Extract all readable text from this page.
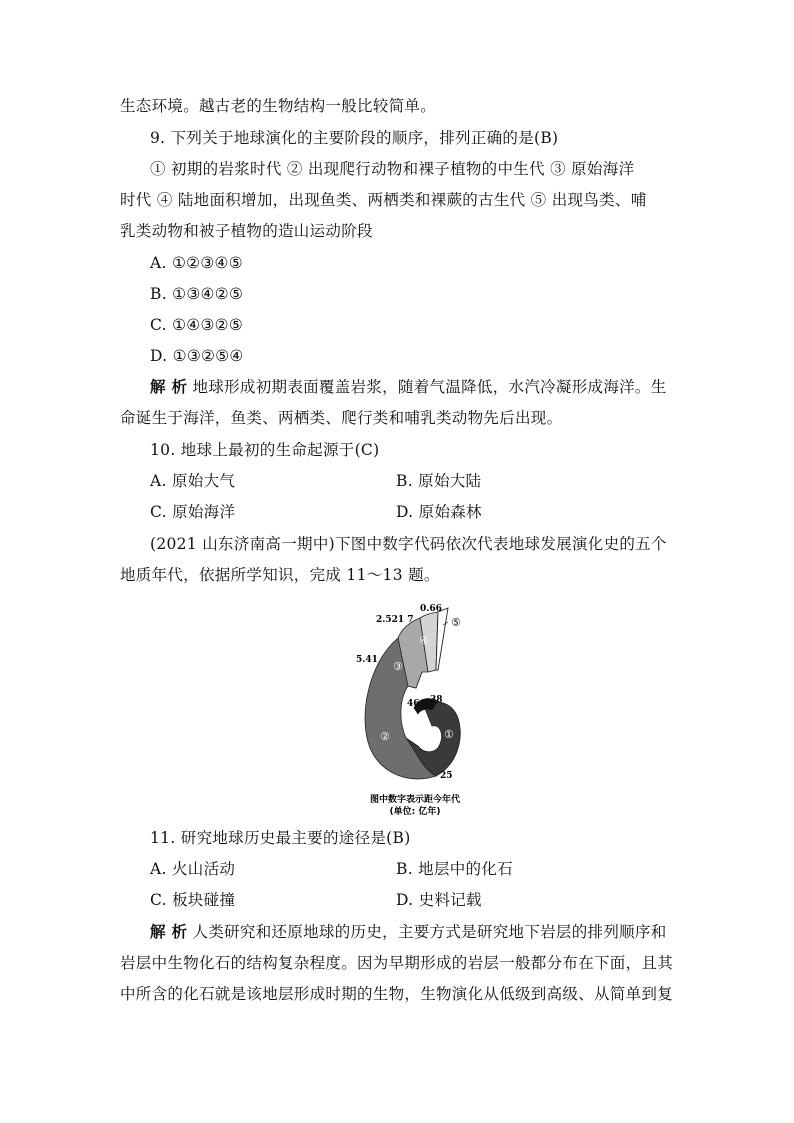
生态环境。越古老的生物结构一般比较简单。
9. 下列关于地球演化的主要阶段的顺序，排列正确的是(B)
① 初期的岩浆时代 ② 出现爬行动物和裸子植物的中生代 ③ 原始海洋
时代 ④ 陆地面积增加，出现鱼类、两栖类和裸蕨的古生代 ⑤ 出现鸟类、哺
乳类动物和被子植物的造山运动阶段
A. ①②③④⑤
B. ①③④②⑤
C. ①④③②⑤
D. ①③②⑤④
解 析 地球形成初期表面覆盖岩浆，随着气温降低，水汽冷凝形成海洋。生
命诞生于海洋，鱼类、两栖类、爬行类和哺乳类动物先后出现。
10. 地球上最初的生命起源于(C)
A. 原始大气	B. 原始大陆
C. 原始海洋	D. 原始森林
(2021 山东济南高一期中)下图中数字代码依次代表地球发展演化史的五个
地质年代，依据所学知识，完成 11～13 题。
①
②
③
④
⑤
46 38
25
5.41
2.521 7
0.66
图中数字表示距今年代
(单位: 亿年)
11. 研究地球历史最主要的途径是(B)
A. 火山活动	B. 地层中的化石
C. 板块碰撞	D. 史料记载
解 析 人类研究和还原地球的历史，主要方式是研究地下岩层的排列顺序和
岩层中生物化石的结构复杂程度。因为早期形成的岩层一般都分布在下面，且其
中所含的化石就是该地层形成时期的生物，生物演化从低级到高级、从简单到复
